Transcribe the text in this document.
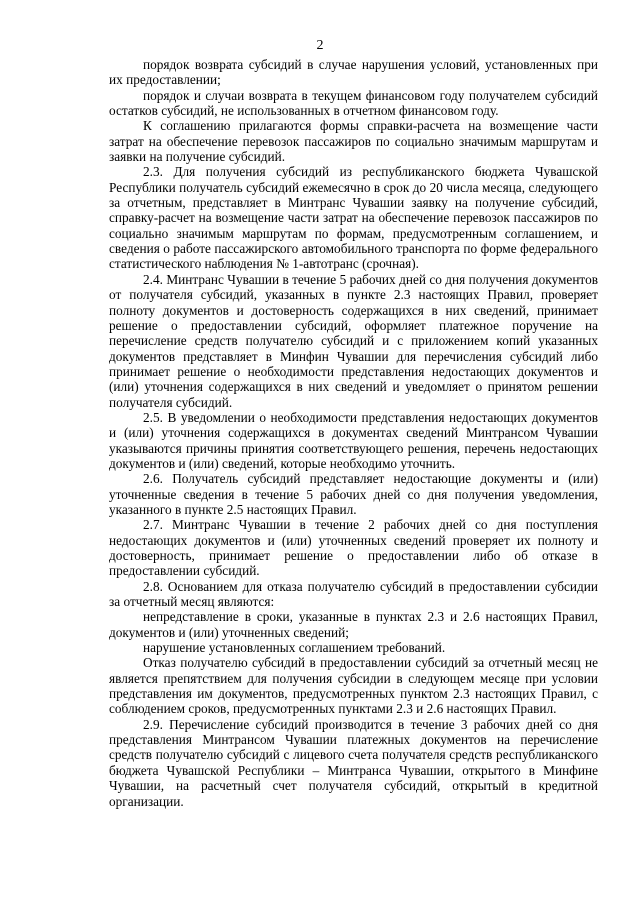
2

порядок возврата субсидий в случае нарушения условий, установленных при их предоставлении;

порядок и случаи возврата в текущем финансовом году получателем субсидий остатков субсидий, не использованных в отчетном финансовом году.

К соглашению прилагаются формы справки-расчета на возмещение части затрат на обеспечение перевозок пассажиров по социально значимым маршрутам и заявки на получение субсидий.

2.3. Для получения субсидий из республиканского бюджета Чувашской Республики получатель субсидий ежемесячно в срок до 20 числа месяца, следующего за отчетным, представляет в Минтранс Чувашии заявку на получение субсидий, справку-расчет на возмещение части затрат на обеспечение перевозок пассажиров по социально значимым маршрутам по формам, предусмотренным соглашением, и сведения о работе пассажирского автомобильного транспорта по форме федерального статистического наблюдения № 1-автотранс (срочная).

2.4. Минтранс Чувашии в течение 5 рабочих дней со дня получения документов от получателя субсидий, указанных в пункте 2.3 настоящих Правил, проверяет полноту документов и достоверность содержащихся в них сведений, принимает решение о предоставлении субсидий, оформляет платежное поручение на перечисление средств получателю субсидий и с приложением копий указанных документов представляет в Минфин Чувашии для перечисления субсидий либо принимает решение о необходимости представления недостающих документов и (или) уточнения содержащихся в них сведений и уведомляет о принятом решении получателя субсидий.

2.5. В уведомлении о необходимости представления недостающих документов и (или) уточнения содержащихся в документах сведений Минтрансом Чувашии указываются причины принятия соответствующего решения, перечень недостающих документов и (или) сведений, которые необходимо уточнить.

2.6. Получатель субсидий представляет недостающие документы и (или) уточненные сведения в течение 5 рабочих дней со дня получения уведомления, указанного в пункте 2.5 настоящих Правил.

2.7. Минтранс Чувашии в течение 2 рабочих дней со дня поступления недостающих документов и (или) уточненных сведений проверяет их полноту и достоверность, принимает решение о предоставлении либо об отказе в предоставлении субсидий.

2.8. Основанием для отказа получателю субсидий в предоставлении субсидии за отчетный месяц являются:

непредставление в сроки, указанные в пунктах 2.3 и 2.6 настоящих Правил, документов и (или) уточненных сведений;

нарушение установленных соглашением требований.

Отказ получателю субсидий в предоставлении субсидий за отчетный месяц не является препятствием для получения субсидии в следующем месяце при условии представления им документов, предусмотренных пунктом 2.3 настоящих Правил, с соблюдением сроков, предусмотренных пунктами 2.3 и 2.6 настоящих Правил.

2.9. Перечисление субсидий производится в течение 3 рабочих дней со дня представления Минтрансом Чувашии платежных документов на перечисление средств получателю субсидий с лицевого счета получателя средств республиканского бюджета Чувашской Республики – Минтранса Чувашии, открытого в Минфине Чувашии, на расчетный счет получателя субсидий, открытый в кредитной организации.
